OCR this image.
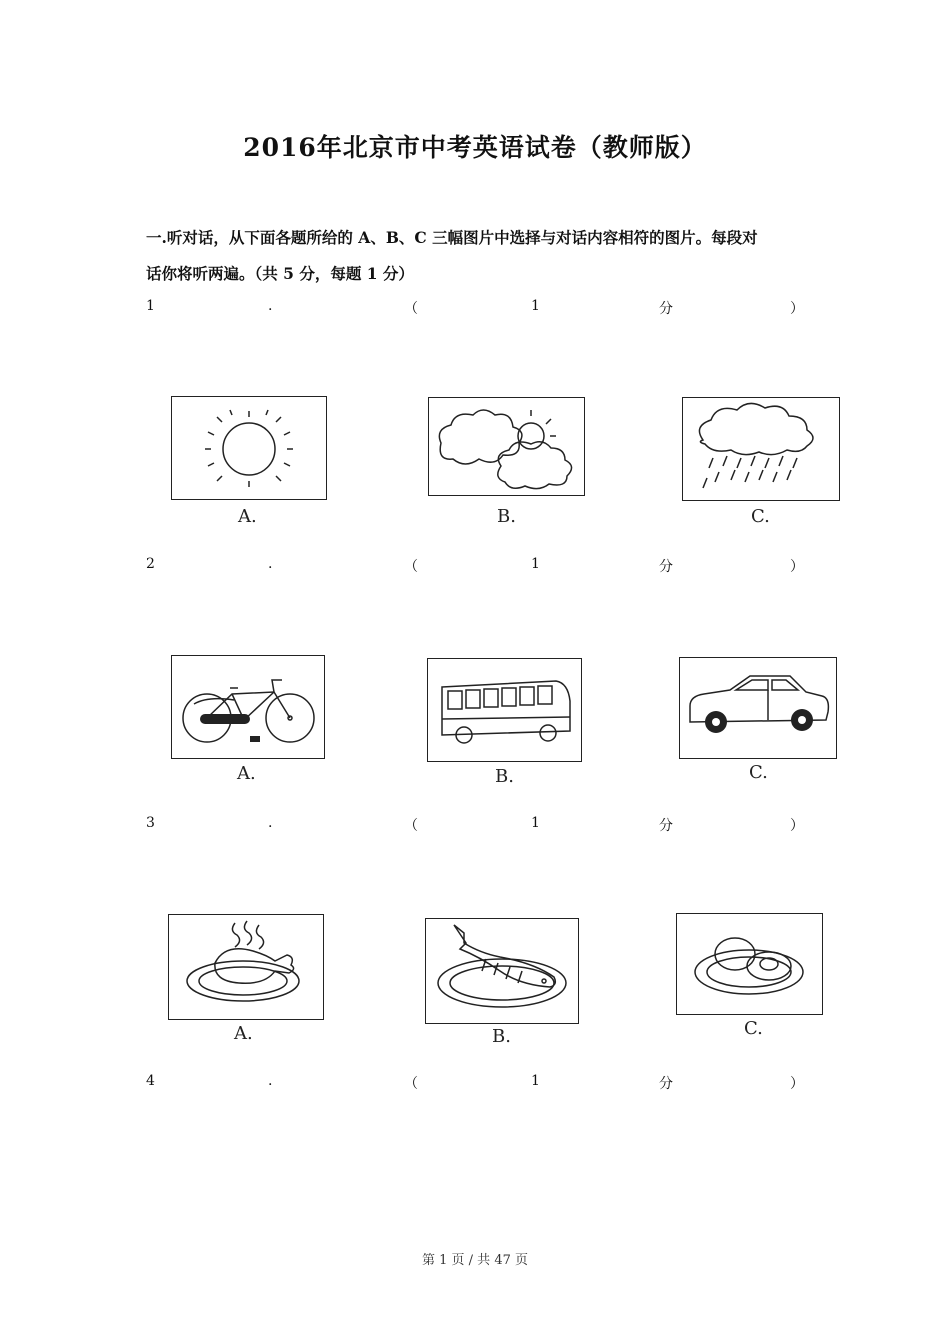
2016年北京市中考英语试卷（教师版）
一.听对话，从下面各题所给的 A、B、C 三幅图片中选择与对话内容相符的图片。每段对
话你将听两遍。（共 5 分，每题 1 分）
1	.	（	1	分	）
A.	B.	C.
2	.	（	1	分	）
A.	B.	C.
3	.	（	1	分	）
A.	B.	C.
4	.	（	1	分	）
第 1 页 / 共 47 页
